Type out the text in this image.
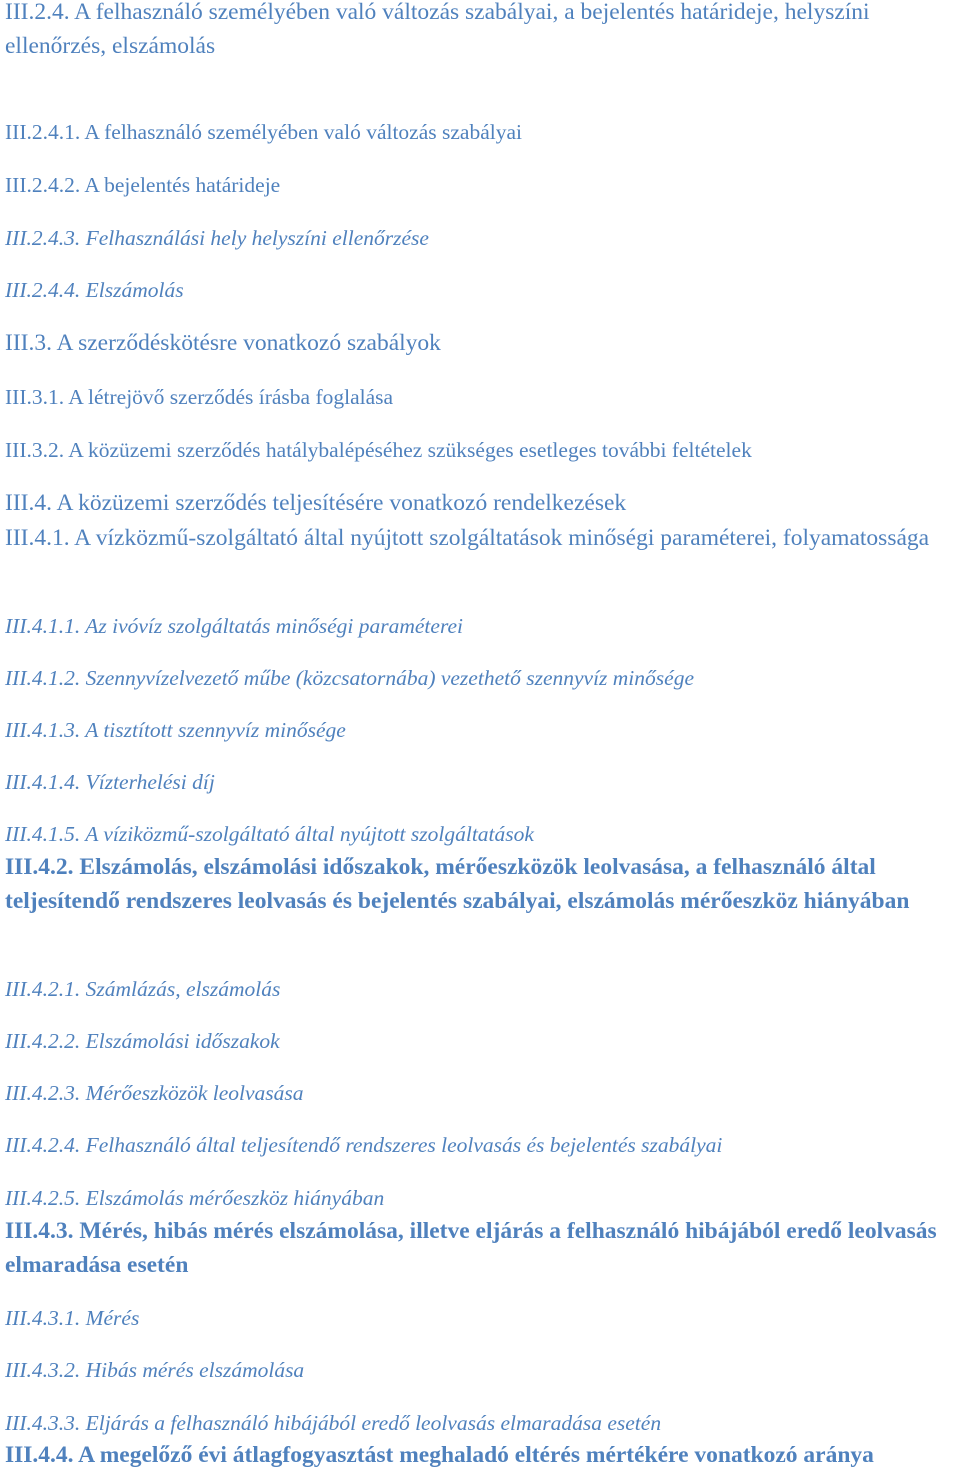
III.2.4. A felhasználó személyében való változás szabályai, a bejelentés határideje, helyszíni ellenőrzés, elszámolás

III.2.4.1. A felhasználó személyében való változás szabályai

III.2.4.2. A bejelentés határideje

III.2.4.3. Felhasználási hely helyszíni ellenőrzése

III.2.4.4. Elszámolás

III.3. A szerződéskötésre vonatkozó szabályok

III.3.1. A létrejövő szerződés írásba foglalása

III.3.2. A közüzemi szerződés hatálybalépéséhez szükséges esetleges további feltételek

III.4. A közüzemi szerződés teljesítésére vonatkozó rendelkezések

III.4.1. A vízközmű-szolgáltató által nyújtott szolgáltatások minőségi paraméterei, folyamatossága

III.4.1.1. Az ivóvíz szolgáltatás minőségi paraméterei

III.4.1.2. Szennyvízelvezető műbe (közcsatornába) vezethető szennyvíz minősége

III.4.1.3. A tisztított szennyvíz minősége

III.4.1.4. Vízterhelési díj

III.4.1.5. A víziközmű-szolgáltató által nyújtott szolgáltatások

III.4.2. Elszámolás, elszámolási időszakok, mérőeszközök leolvasása, a felhasználó által teljesítendő rendszeres leolvasás és bejelentés szabályai, elszámolás mérőeszköz hiányában

III.4.2.1. Számlázás, elszámolás

III.4.2.2. Elszámolási időszakok

III.4.2.3. Mérőeszközök leolvasása

III.4.2.4. Felhasználó által teljesítendő rendszeres leolvasás és bejelentés szabályai

III.4.2.5. Elszámolás mérőeszköz hiányában

III.4.3. Mérés, hibás mérés elszámolása, illetve eljárás a felhasználó hibájából eredő leolvasás elmaradása esetén

III.4.3.1. Mérés

III.4.3.2. Hibás mérés elszámolása

III.4.3.3. Eljárás a felhasználó hibájából eredő leolvasás elmaradása esetén

III.4.4. A megelőző évi átlagfogyasztást meghaladó eltérés mértékére vonatkozó aránya
